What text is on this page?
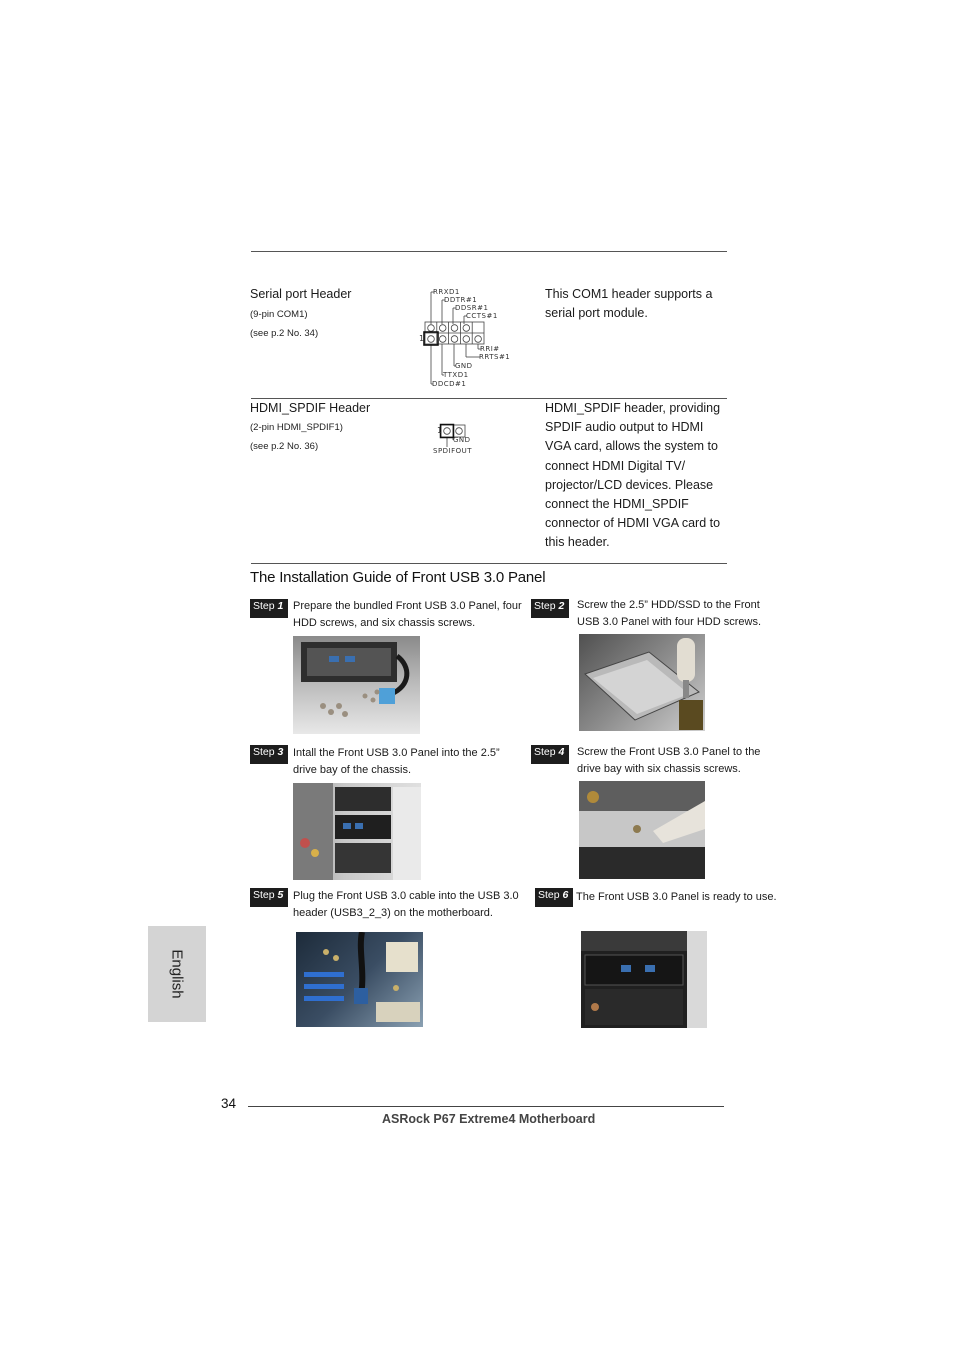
Serial port Header
(9-pin COM1)
(see p.2 No. 34)
RRXD1
DDTR#1
DDSR#1
CCTS#1
1
RRI#
RRTS#1
GND
TTXD1
DDCD#1
This COM1 header supports a
serial port module.
HDMI_SPDIF Header
(2-pin HDMI_SPDIF1)
(see p.2 No. 36)
1
GND
SPDIFOUT
HDMI_SPDIF header, providing
SPDIF audio output to HDMI
VGA card, allows the system to
connect HDMI Digital TV/
projector/LCD devices. Please
connect the HDMI_SPDIF
connector of HDMI VGA card to
this header.
The Installation Guide of Front USB 3.0 Panel
Step 1 Prepare the bundled Front USB 3.0 Panel, four
HDD screws, and six chassis screws.
Step 2	Screw the 2.5” HDD/SSD to the Front
USB 3.0 Panel with four HDD screws.
Step 3 Intall the Front USB 3.0 Panel into the 2.5”
drive bay of the chassis.
Step 4	Screw the Front USB 3.0 Panel to the
drive bay with six chassis screws.
Step 5 Plug the Front USB 3.0 cable into the USB 3.0
header (USB3_2_3) on the motherboard.
Step 6 The Front USB 3.0 Panel is ready to use.
English
34
ASRock P67 Extreme4 Motherboard
